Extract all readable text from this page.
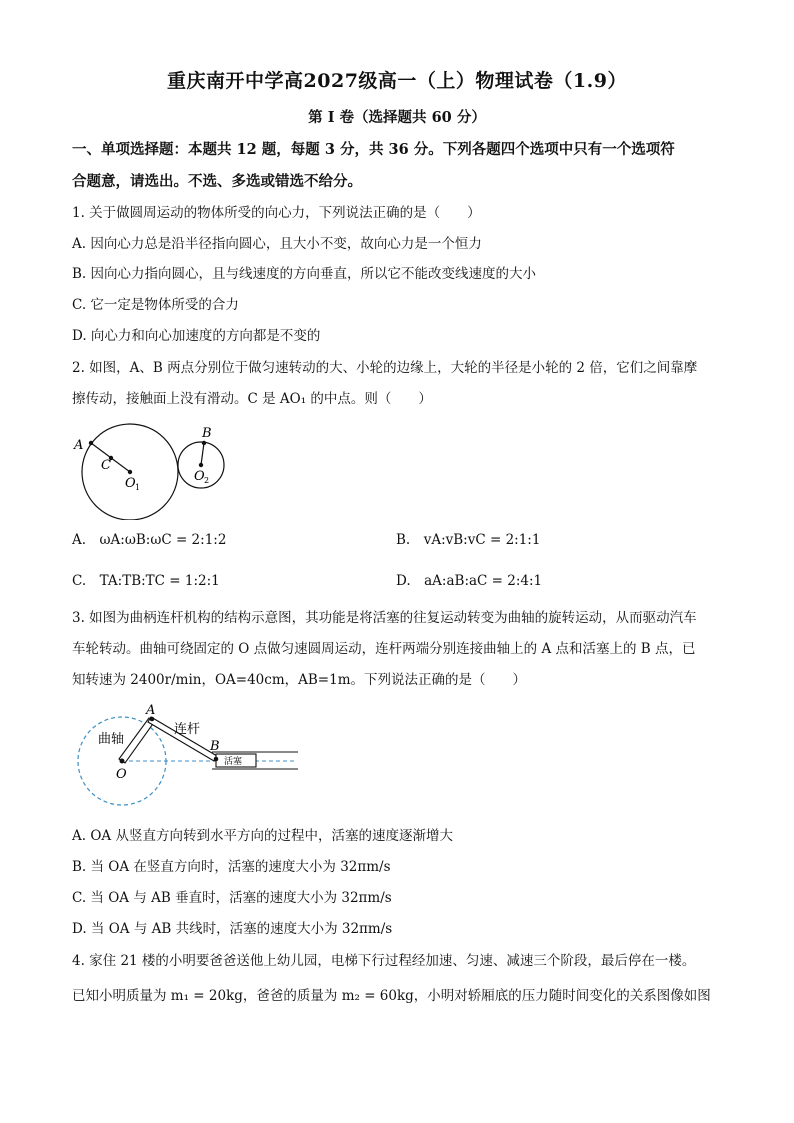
重庆南开中学高2027级高一（上）物理试卷（1.9）
第 I 卷（选择题共 60 分）
一、单项选择题：本题共 12 题，每题 3 分，共 36 分。下列各题四个选项中只有一个选项符
合题意，请选出。不选、多选或错选不给分。
1. 关于做圆周运动的物体所受的向心力，下列说法正确的是（　　）
A. 因向心力总是沿半径指向圆心，且大小不变，故向心力是一个恒力
B. 因向心力指向圆心，且与线速度的方向垂直，所以它不能改变线速度的大小
C. 它一定是物体所受的合力
D. 向心力和向心加速度的方向都是不变的
2. 如图，A、B 两点分别位于做匀速转动的大、小轮的边缘上，大轮的半径是小轮的 2 倍，它们之间靠摩
擦传动，接触面上没有滑动。C 是 AO₁ 的中点。则（　　）
A
C
O 1
B
O 2
A.　ωA:ωB:ωC = 2:1:2	B.　vA:vB:vC = 2:1:1
C.　TA:TB:TC = 1:2:1	D.　aA:aB:aC = 2:4:1
3. 如图为曲柄连杆机构的结构示意图，其功能是将活塞的往复运动转变为曲轴的旋转运动，从而驱动汽车
车轮转动。曲轴可绕固定的 O 点做匀速圆周运动，连杆两端分别连接曲轴上的 A 点和活塞上的 B 点，已
知转速为 2400r/min，OA=40cm，AB=1m。下列说法正确的是（　　）
A
B
O
曲轴
连杆
活塞
A. OA 从竖直方向转到水平方向的过程中，活塞的速度逐渐增大
B. 当 OA 在竖直方向时，活塞的速度大小为 32πm/s
C. 当 OA 与 AB 垂直时，活塞的速度大小为 32πm/s
D. 当 OA 与 AB 共线时，活塞的速度大小为 32πm/s
4. 家住 21 楼的小明要爸爸送他上幼儿园，电梯下行过程经加速、匀速、减速三个阶段，最后停在一楼。
已知小明质量为 m₁ = 20kg，爸爸的质量为 m₂ = 60kg，小明对轿厢底的压力随时间变化的关系图像如图
